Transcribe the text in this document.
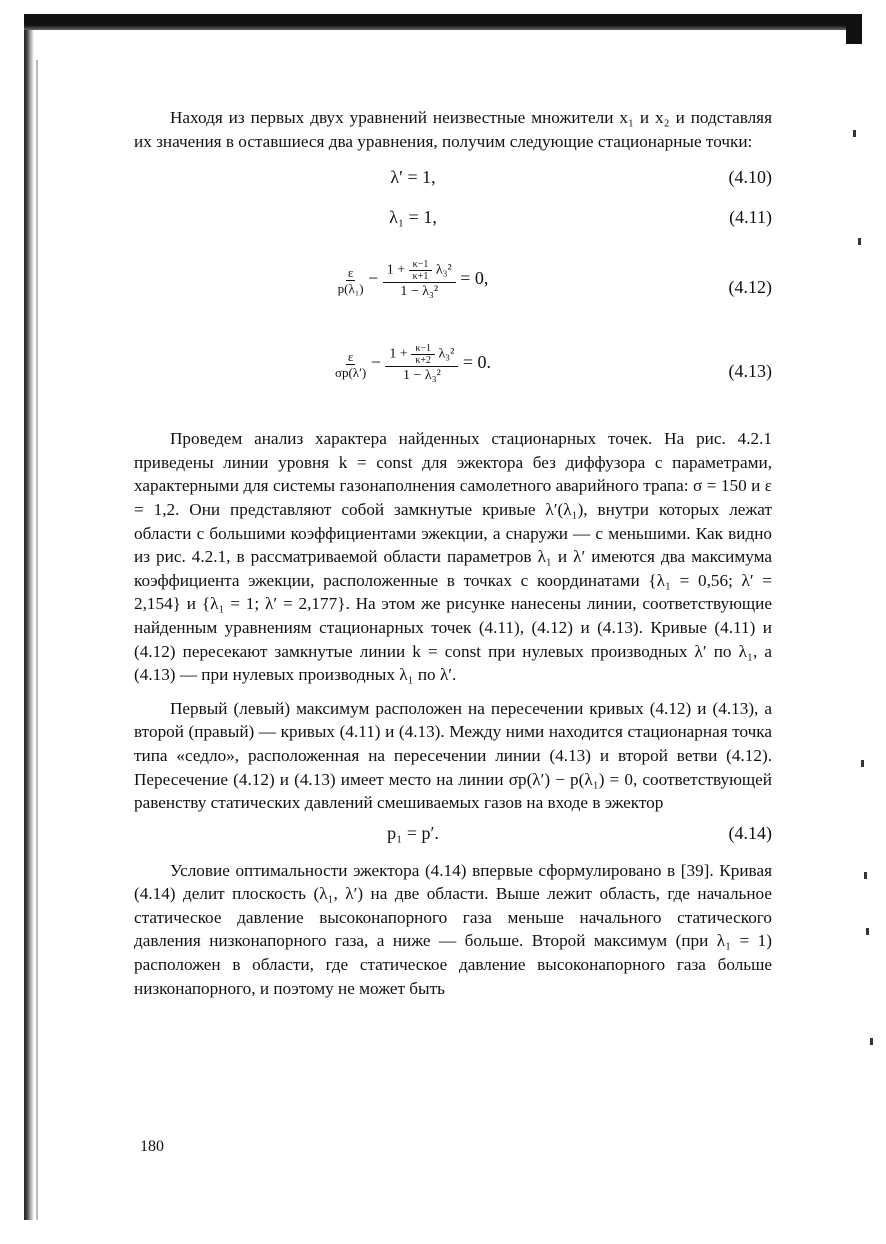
Находя из первых двух уравнений неизвестные множители x₁ и x₂ и подставляя их значения в оставшиеся два уравнения, получим следующие стационарные точки:

λ′ = 1,	(4.10)
λ₁ = 1,	(4.11)
$\frac{\varepsilon}{\text{p(λ₁)}} - 1 + \frac{\kappa-1}{\kappa+1} \lambda_3^2$
1 − λ₃²
= 0,	(4.12)
$\frac{\varepsilon}{\sigma p(\lambda')} - 1 + \frac{\kappa-1}{\kappa+2} \lambda_3^2$
1 − λ₃²
= 0.	(4.13)

Проведем анализ характера найденных стационарных точек. На рис. 4.2.1 приведены линии уровня k = const для эжектора без диффузора с параметрами, характерными для системы газонаполнения самолетного аварийного трапа: σ = 150 и ε = 1,2. Они представляют собой замкнутые кривые λ′(λ₁), внутри которых лежат области с большими коэффициентами эжекции, а снаружи — с меньшими. Как видно из рис. 4.2.1, в рассматриваемой области параметров λ₁ и λ′ имеются два максимума коэффициента эжекции, расположенные в точках с координатами {λ₁ = 0,56; λ′ = 2,154} и {λ₁ = 1; λ′ = 2,177}. На этом же рисунке нанесены линии, соответствующие найденным уравнениям стационарных точек (4.11), (4.12) и (4.13). Кривые (4.11) и (4.12) пересекают замкнутые линии k = const при нулевых производных λ′ по λ₁, а (4.13) — при нулевых производных λ₁ по λ′.

Первый (левый) максимум расположен на пересечении кривых (4.12) и (4.13), а второй (правый) — кривых (4.11) и (4.13). Между ними находится стационарная точка типа «седло», расположенная на пересечении линии (4.13) и второй ветви (4.12). Пересечение (4.12) и (4.13) имеет место на линии σp(λ′) − p(λ₁) = 0, соответствующей равенству статических давлений смешиваемых газов на входе в эжектор

p₁ = p′.	(4.14)

Условие оптимальности эжектора (4.14) впервые сформулировано в [39]. Кривая (4.14) делит плоскость (λ₁, λ′) на две области. Выше лежит область, где начальное статическое давление высоконапорного газа меньше начального статического давления низконапорного газа, а ниже — больше. Второй максимум (при λ₁ = 1) расположен в области, где статическое давление высоконапорного газа больше низконапорного, и поэтому не может быть

180
